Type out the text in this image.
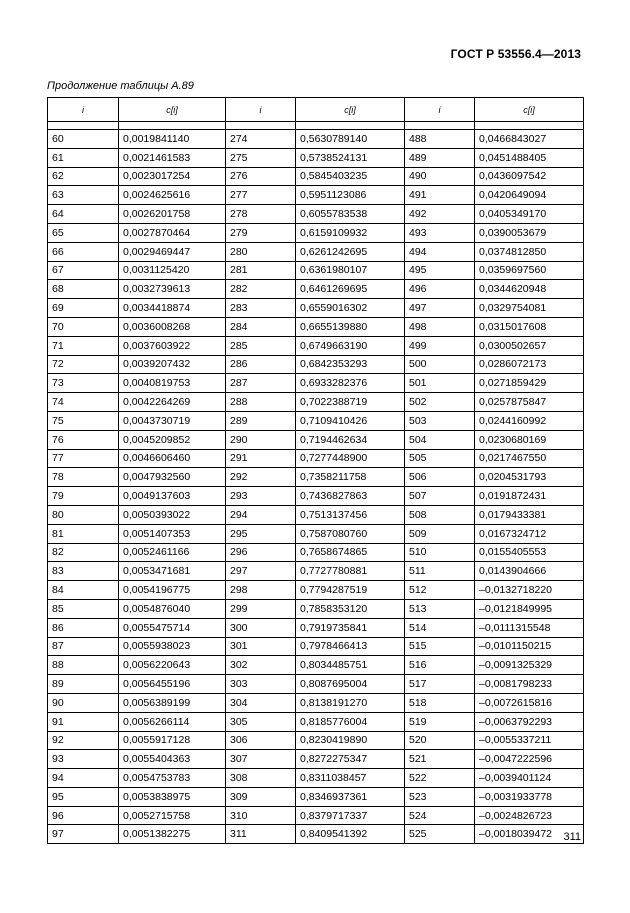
ГОСТ Р 53556.4—2013
Продолжение таблицы А.89
i	c[i]	i	c[i]	i	c[i]

60	0,0019841140	274	0,5630789140	488	0,0466843027
61	0,0021461583	275	0,5738524131	489	0,0451488405
62	0,0023017254	276	0,5845403235	490	0,0436097542
63	0,0024625616	277	0,5951123086	491	0,0420649094
64	0,0026201758	278	0,6055783538	492	0,0405349170
65	0,0027870464	279	0,6159109932	493	0,0390053679
66	0,0029469447	280	0,6261242695	494	0,0374812850
67	0,0031125420	281	0,6361980107	495	0,0359697560
68	0,0032739613	282	0,6461269695	496	0,0344620948
69	0,0034418874	283	0,6559016302	497	0,0329754081
70	0,0036008268	284	0,6655139880	498	0,0315017608
71	0,0037603922	285	0,6749663190	499	0,0300502657
72	0,0039207432	286	0,6842353293	500	0,0286072173
73	0,0040819753	287	0,6933282376	501	0,0271859429
74	0,0042264269	288	0,7022388719	502	0,0257875847
75	0,0043730719	289	0,7109410426	503	0,0244160992
76	0,0045209852	290	0,7194462634	504	0,0230680169
77	0,0046606460	291	0,7277448900	505	0,0217467550
78	0,0047932560	292	0,7358211758	506	0,0204531793
79	0,0049137603	293	0,7436827863	507	0,0191872431
80	0,0050393022	294	0,7513137456	508	0,0179433381
81	0,0051407353	295	0,7587080760	509	0,0167324712
82	0,0052461166	296	0,7658674865	510	0,0155405553
83	0,0053471681	297	0,7727780881	511	0,0143904666
84	0,0054196775	298	0,7794287519	512	–0,0132718220
85	0,0054876040	299	0,7858353120	513	–0,0121849995
86	0,0055475714	300	0,7919735841	514	–0,0111315548
87	0,0055938023	301	0,7978466413	515	–0,0101150215
88	0,0056220643	302	0,8034485751	516	–0,0091325329
89	0,0056455196	303	0,8087695004	517	–0,0081798233
90	0,0056389199	304	0,8138191270	518	–0,0072615816
91	0,0056266114	305	0,8185776004	519	–0,0063792293
92	0,0055917128	306	0,8230419890	520	–0,0055337211
93	0,0055404363	307	0,8272275347	521	–0,0047222596
94	0,0054753783	308	0,8311038457	522	–0,0039401124
95	0,0053838975	309	0,8346937361	523	–0,0031933778
96	0,0052715758	310	0,8379717337	524	–0,0024826723
97	0,0051382275	311	0,8409541392	525	–0,0018039472 311
